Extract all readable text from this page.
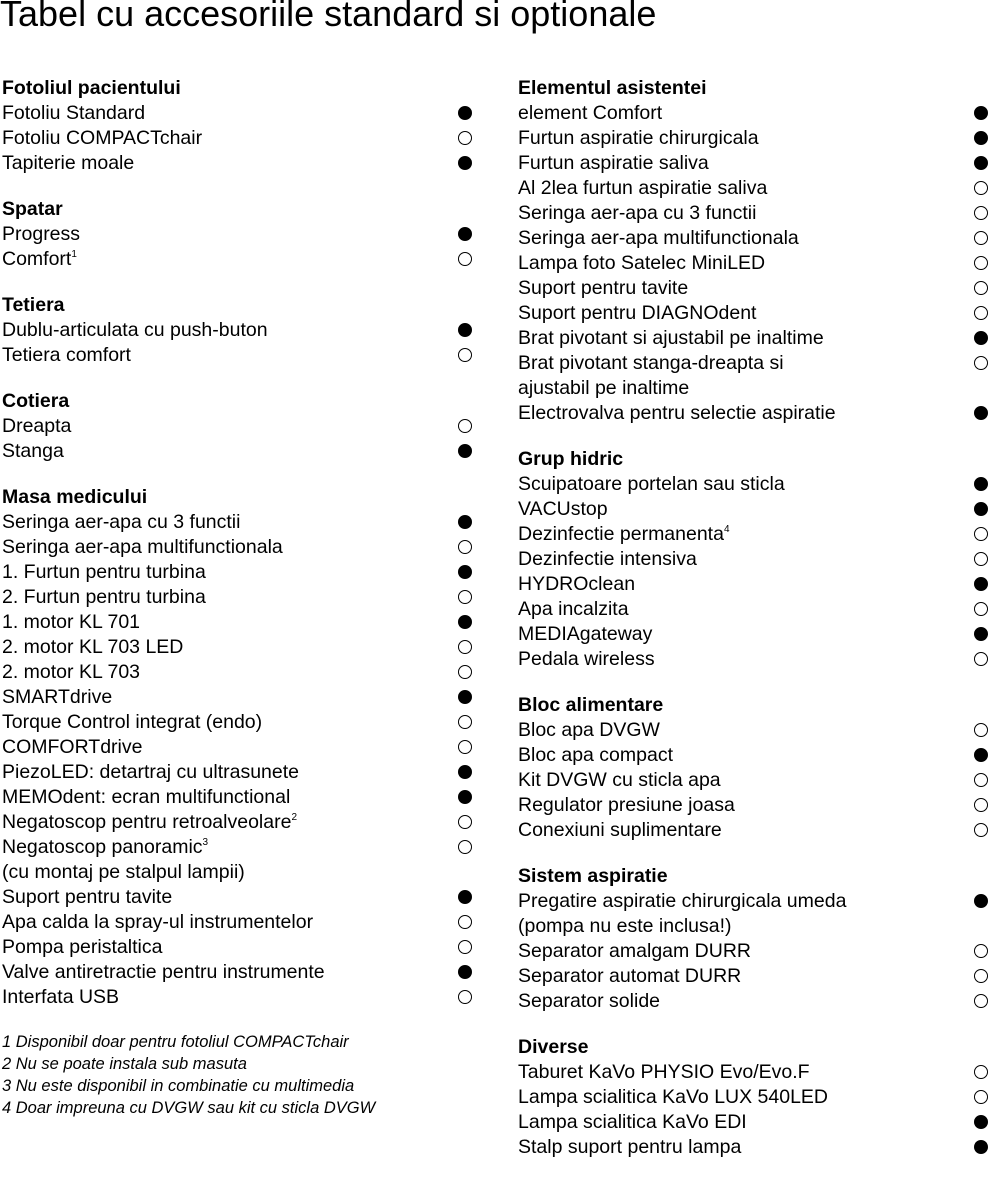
Tabel cu accesoriile standard si optionale
Fotoliul pacientului
Fotoliu Standard
Fotoliu COMPACTchair
Tapiterie moale
Spatar
Progress
Comfort$^1$
Tetiera
Dublu-articulata cu push-buton
Tetiera comfort
Cotiera
Dreapta
Stanga
Masa medicului
Seringa aer-apa cu 3 functii
Seringa aer-apa multifunctionala
1. Furtun pentru turbina
2. Furtun pentru turbina
1. motor KL 701
2. motor KL 703 LED
2. motor KL 703
SMARTdrive
Torque Control integrat (endo)
COMFORTdrive
PiezoLED: detartraj cu ultrasunete
MEMOdent: ecran multifunctional
Negatoscop pentru retroalveolare$^2$
Negatoscop panoramic$^3$
(cu montaj pe stalpul lampii)
Suport pentru tavite
Apa calda la spray-ul instrumentelor
Pompa peristaltica
Valve antiretractie pentru instrumente
Interfata USB
1 Disponibil doar pentru fotoliul COMPACTchair
2 Nu se poate instala sub masuta
3 Nu este disponibil in combinatie cu multimedia
4 Doar impreuna cu DVGW sau kit cu sticla DVGW
Elementul asistentei
element Comfort
Furtun aspiratie chirurgicala
Furtun aspiratie saliva
Al 2lea furtun aspiratie saliva
Seringa aer-apa cu 3 functii
Seringa aer-apa multifunctionala
Lampa foto Satelec MiniLED
Suport pentru tavite
Suport pentru DIAGNOdent
Brat pivotant si ajustabil pe inaltime
Brat pivotant stanga-dreapta si
ajustabil pe inaltime
Electrovalva pentru selectie aspiratie
Grup hidric
Scuipatoare portelan sau sticla
VACUstop
Dezinfectie permanenta$^4$
Dezinfectie intensiva
HYDROclean
Apa incalzita
MEDIAgateway
Pedala wireless
Bloc alimentare
Bloc apa DVGW
Bloc apa compact
Kit DVGW cu sticla apa
Regulator presiune joasa
Conexiuni suplimentare
Sistem aspiratie
Pregatire aspiratie chirurgicala umeda
(pompa nu este inclusa!)
Separator amalgam DURR
Separator automat DURR
Separator solide
Diverse
Taburet KaVo PHYSIO Evo/Evo.F
Lampa scialitica KaVo LUX 540LED
Lampa scialitica KaVo EDI
Stalp suport pentru lampa
